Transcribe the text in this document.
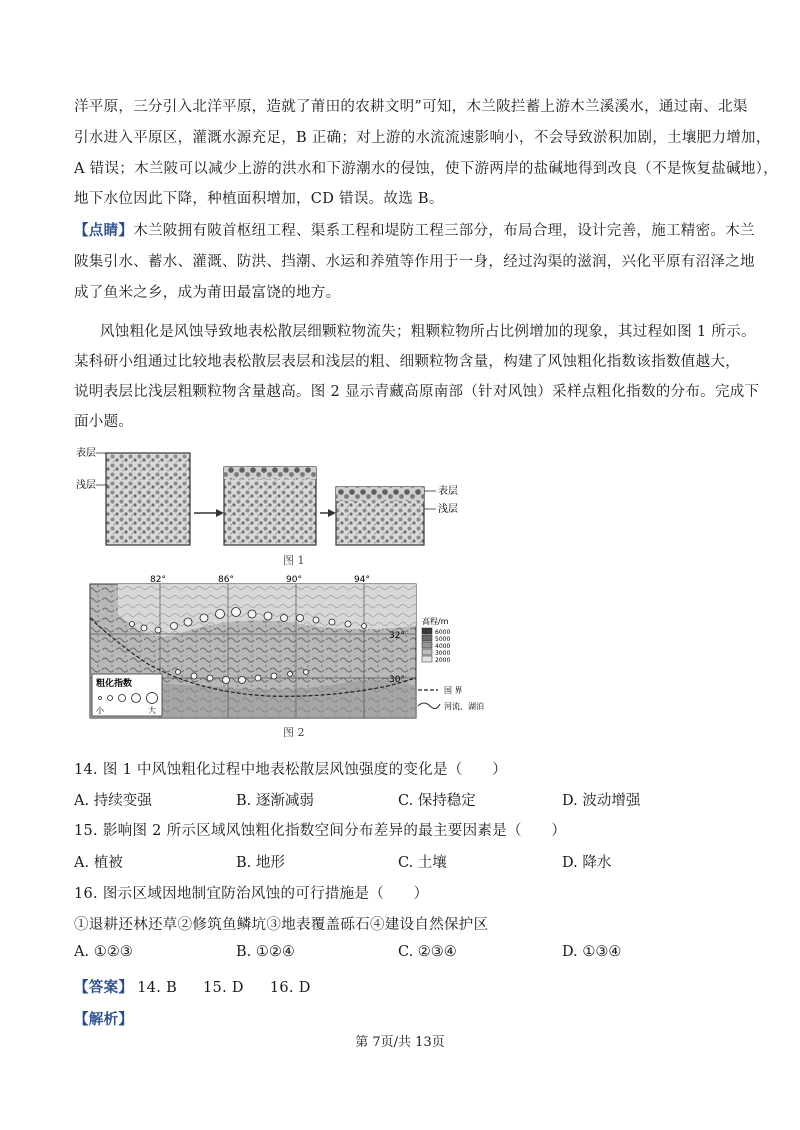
洋平原，三分引入北洋平原，造就了莆田的农耕文明”可知，木兰陂拦蓄上游木兰溪溪水，通过南、北渠
引水进入平原区，灌溉水源充足，B 正确；对上游的水流流速影响小，不会导致淤积加剧，土壤肥力增加，
A 错误；木兰陂可以减少上游的洪水和下游潮水的侵蚀，使下游两岸的盐碱地得到改良（不是恢复盐碱地），
地下水位因此下降，种植面积增加，CD 错误。故选 B。
【点睛】木兰陂拥有陂首枢纽工程、渠系工程和堤防工程三部分，布局合理，设计完善，施工精密。木兰
陂集引水、蓄水、灌溉、防洪、挡潮、水运和养殖等作用于一身，经过沟渠的滋润，兴化平原有沼泽之地
成了鱼米之乡，成为莆田最富饶的地方。
风蚀粗化是风蚀导致地表松散层细颗粒物流失；粗颗粒物所占比例增加的现象，其过程如图 1 所示。
某科研小组通过比较地表松散层表层和浅层的粗、细颗粒物含量，构建了风蚀粗化指数该指数值越大，
说明表层比浅层粗颗粒物含量越高。图 2 显示青藏高原南部（针对风蚀）采样点粗化指数的分布。完成下
面小题。
表层
浅层
表层
浅层
图 1
82°	86°	90°	94°
32°
30°
粗化指数
小	大
高程/m
6000
5000
4000
3000
2000
国 界
河流、湖泊
图 2
14. 图 1 中风蚀粗化过程中地表松散层风蚀强度的变化是（　　）
A. 持续变强	B. 逐渐减弱	C. 保持稳定	D. 波动增强
15. 影响图 2 所示区域风蚀粗化指数空间分布差异的最主要因素是（　　）
A. 植被	B. 地形	C. 土壤	D. 降水
16. 图示区域因地制宜防治风蚀的可行措施是（　　）
①退耕还林还草②修筑鱼鳞坑③地表覆盖砾石④建设自然保护区
A. ①②③	B. ①②④	C. ②③④	D. ①③④
【答案】 14. B 15. D 16. D
【解析】
第 7页/共 13页
